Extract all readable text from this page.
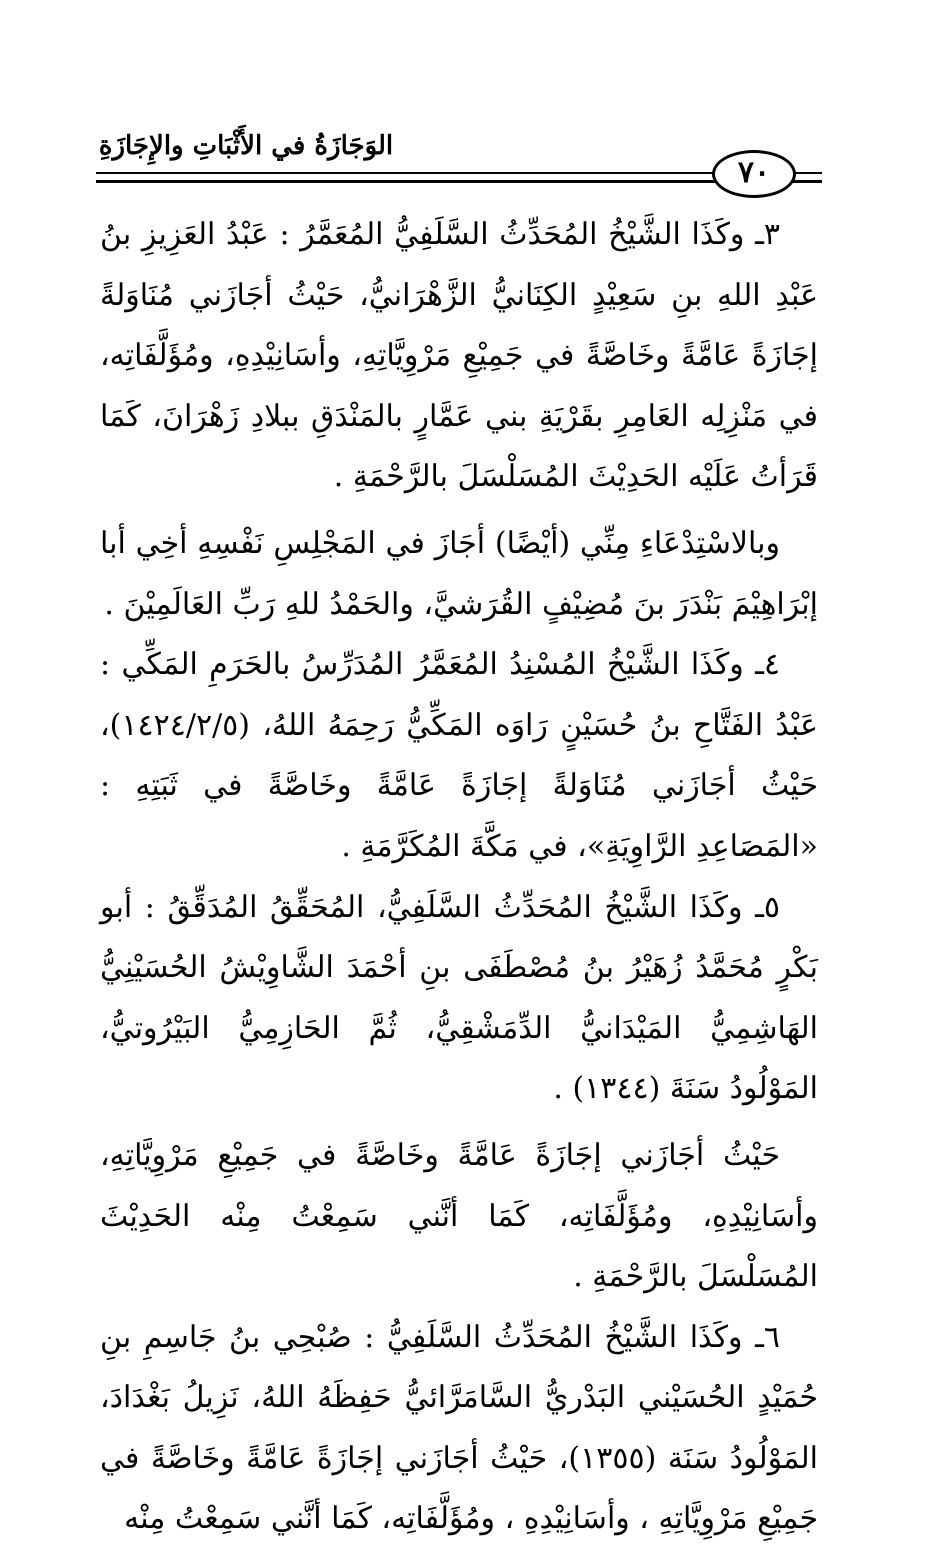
الوَجَازَةُ في الأَثْبَاتِ والإِجَازَةِ
٧٠

٣ـ وكَذَا الشَّيْخُ المُحَدِّثُ السَّلَفِيُّ المُعَمَّرُ : عَبْدُ العَزِيزِ بنُ عَبْدِ اللهِ بنِ سَعِيْدٍ الكِنَانيُّ الزَّهْرَانيُّ، حَيْثُ أجَازَني مُنَاوَلةً إجَازَةً عَامَّةً وخَاصَّةً في جَمِيْعِ مَرْوِيَّاتِهِ، وأسَانِيْدِهِ، ومُؤَلَّفَاتِه، في مَنْزِلِه العَامِرِ بقَرْيَةِ بني عَمَّارٍ بالمَنْدَقِ ببلادِ زَهْرَانَ، كَمَا قَرَأتُ عَلَيْه الحَدِيْثَ المُسَلْسَلَ بالرَّحْمَةِ .

وبالاسْتِدْعَاءِ مِنِّي (أيْضًا) أجَازَ في المَجْلِسِ نَفْسِهِ أخِي أبا إبْرَاهِيْمَ بَنْدَرَ بنَ مُضِيْفٍ القُرَشيَّ، والحَمْدُ للهِ رَبِّ العَالَمِيْنَ .

٤ـ وكَذَا الشَّيْخُ المُسْنِدُ المُعَمَّرُ المُدَرِّسُ بالحَرَمِ المَكِّي : عَبْدُ الفَتَّاحِ بنُ حُسَيْنٍ رَاوَه المَكِّيُّ رَحِمَهُ اللهُ، (١٤٢٤/٢/٥)، حَيْثُ أجَازَني مُنَاوَلةً إجَازَةً عَامَّةً وخَاصَّةً في ثَبَتِهِ : «المَصَاعِدِ الرَّاوِيَةِ»، في مَكَّةَ المُكَرَّمَةِ .

٥ـ وكَذَا الشَّيْخُ المُحَدِّثُ السَّلَفِيُّ، المُحَقِّقُ المُدَقِّقُ : أبو بَكْرٍ مُحَمَّدُ زُهَيْرُ بنُ مُصْطَفَى بنِ أحْمَدَ الشَّاوِيْشُ الحُسَيْنِيُّ الهَاشِمِيُّ المَيْدَانيُّ الدِّمَشْقِيُّ، ثُمَّ الحَازِمِيُّ البَيْرُوتيُّ، المَوْلُودُ سَنَةَ (١٣٤٤) .

حَيْثُ أجَازَني إجَازَةً عَامَّةً وخَاصَّةً في جَمِيْعِ مَرْوِيَّاتِهِ، وأسَانِيْدِهِ، ومُؤَلَّفَاتِه، كَمَا أنَّني سَمِعْتُ مِنْه الحَدِيْثَ المُسَلْسَلَ بالرَّحْمَةِ .

٦ـ وكَذَا الشَّيْخُ المُحَدِّثُ السَّلَفِيُّ : صُبْحِي بنُ جَاسِمِ بنِ حُمَيْدٍ الحُسَيْني البَدْريُّ السَّامَرَّائيُّ حَفِظَهُ اللهُ، نَزِيلُ بَغْدَادَ، المَوْلُودُ سَنَة (١٣٥٥)، حَيْثُ أجَازَني إجَازَةً عَامَّةً وخَاصَّةً في جَمِيْعِ مَرْوِيَّاتِهِ ، وأسَانِيْدِهِ ، ومُؤَلَّفَاتِه، كَمَا أنَّني سَمِعْتُ مِنْه
